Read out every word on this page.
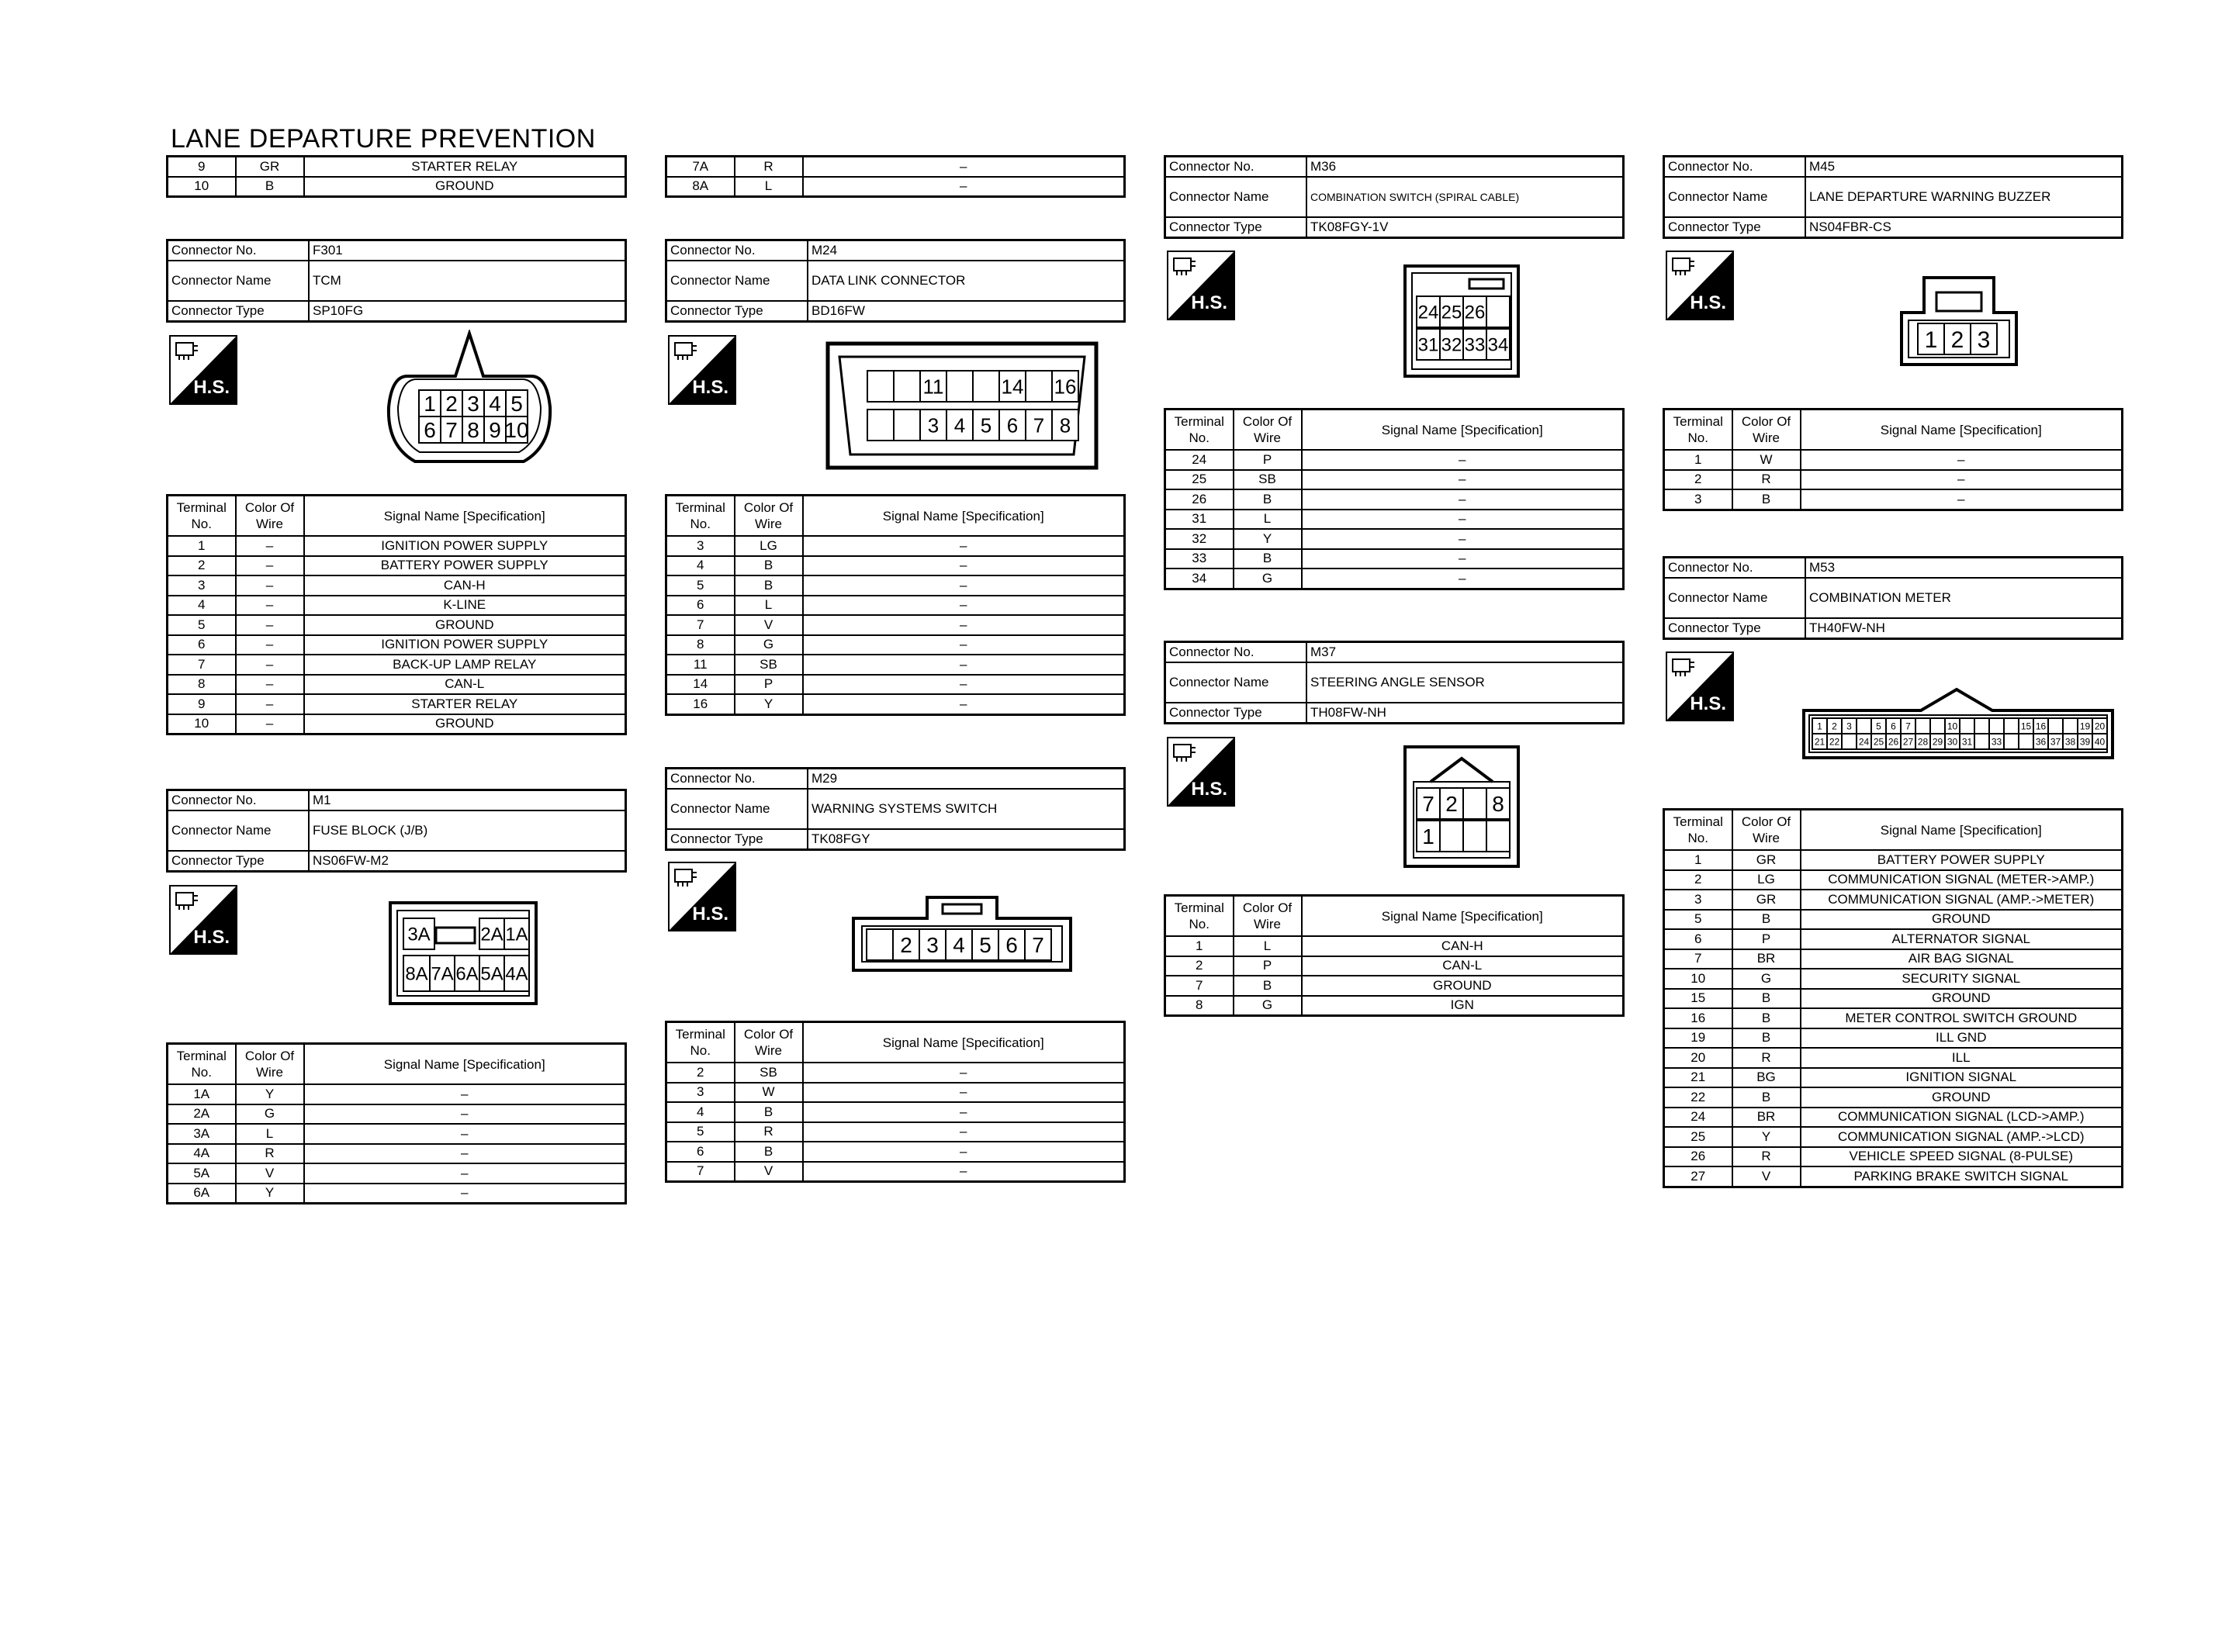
LANE DEPARTURE PREVENTION
9	GR	STARTER RELAY
10	B	GROUND
Connector No.	F301
Connector Name	TCM
Connector Type	SP10FG
H.S.
1 2 3 4 5
6 7 8 9 10
Terminal No.	Color Of Wire	Signal Name [Specification]
1	–	IGNITION POWER SUPPLY
2	–	BATTERY POWER SUPPLY
3	–	CAN-H
4	–	K-LINE
5	–	GROUND
6	–	IGNITION POWER SUPPLY
7	–	BACK-UP LAMP RELAY
8	–	CAN-L
9	–	STARTER RELAY
10	–	GROUND
Connector No.	M1
Connector Name	FUSE BLOCK (J/B)
Connector Type	NS06FW-M2
H.S.	3A	2A 1A
8A 7A 6A 5A 4A
Terminal No.	Color Of Wire	Signal Name [Specification]
1A	Y	–
2A	G	–
3A	L	–
4A	R	–
5A	V	–
6A	Y	–
7A	R	–
8A	L	–
Connector No.	M24
Connector Name	DATA LINK CONNECTOR
Connector Type	BD16FW
H.S.	11	14 16
3 4 5 6 7 8
Terminal No.	Color Of Wire	Signal Name [Specification]
3	LG	–
4	B	–
5	B	–
6	L	–
7	V	–
8	G	–
11	SB	–
14	P	–
16	Y	–
Connector No.	M29
Connector Name	WARNING SYSTEMS SWITCH
Connector Type	TK08FGY
H.S.
2 3 4 5 6 7
Terminal No.	Color Of Wire	Signal Name [Specification]
2	SB	–
3	W	–
4	B	–
5	R	–
6	B	–
7	V	–
Connector No.	M36
Connector Name	COMBINATION SWITCH (SPIRAL CABLE)
Connector Type	TK08FGY-1V
H.S.	24 25 26
31 32 33 34
Terminal No.	Color Of Wire	Signal Name [Specification]
24	P	–
25	SB	–
26	B	–
31	L	–
32	Y	–
33	B	–
34	G	–
Connector No.	M37
Connector Name	STEERING ANGLE SENSOR
Connector Type	TH08FW-NH
H.S.
7 2 8
1
Terminal No.	Color Of Wire	Signal Name [Specification]
1	L	CAN-H
2	P	CAN-L
7	B	GROUND
8	G	IGN
Connector No.	M45
Connector Name	LANE DEPARTURE WARNING BUZZER
Connector Type	NS04FBR-CS
H.S.
1 2 3
Terminal No.	Color Of Wire	Signal Name [Specification]
1	W	–
2	R	–
3	B	–
Connector No.	M53
Connector Name	COMBINATION METER
Connector Type	TH40FW-NH
H.S.
1 2 3	5 6 7	10	15 16	19 20
21 22 24 25 26 27 28 29 30 31 33	36 37 38 39 40
Terminal No.	Color Of Wire	Signal Name [Specification]
1	GR	BATTERY POWER SUPPLY
2	LG	COMMUNICATION SIGNAL (METER->AMP.)
3	GR	COMMUNICATION SIGNAL (AMP.->METER)
5	B	GROUND
6	P	ALTERNATOR SIGNAL
7	BR	AIR BAG SIGNAL
10	G	SECURITY SIGNAL
15	B	GROUND
16	B	METER CONTROL SWITCH GROUND
19	B	ILL GND
20	R	ILL
21	BG	IGNITION SIGNAL
22	B	GROUND
24	BR	COMMUNICATION SIGNAL (LCD->AMP.)
25	Y	COMMUNICATION SIGNAL (AMP.->LCD)
26	R	VEHICLE SPEED SIGNAL (8-PULSE)
27	V	PARKING BRAKE SWITCH SIGNAL
